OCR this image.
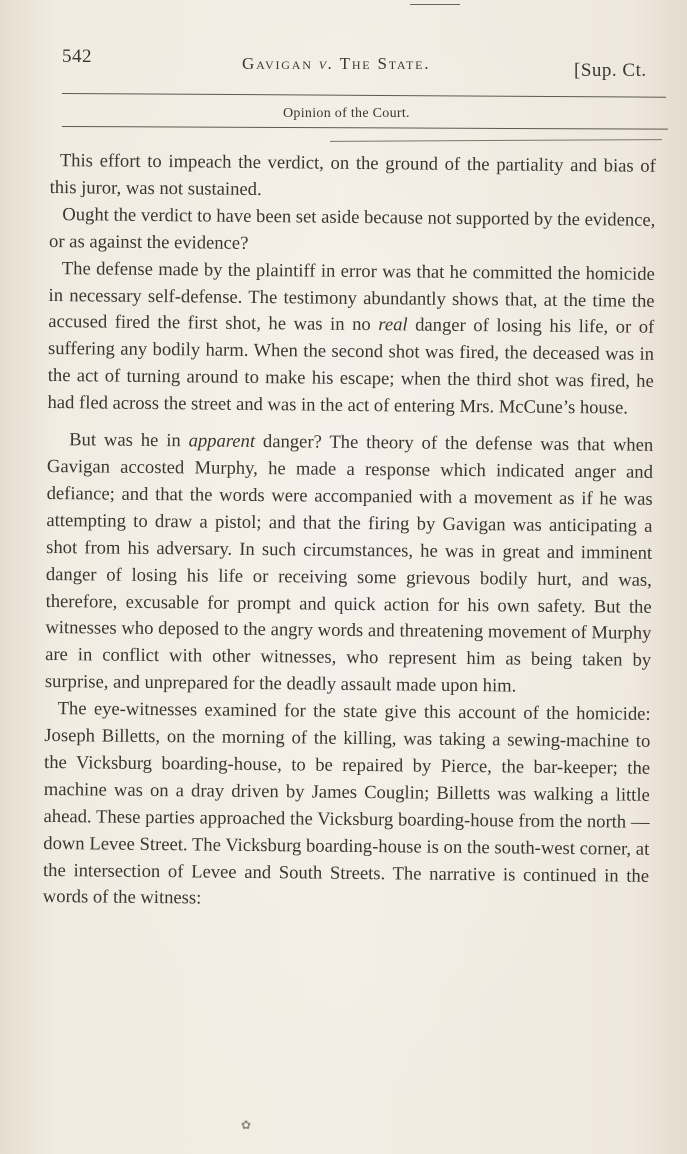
542	Gavigan v. The State.	[Sup. Ct.
Opinion of the Court.

This effort to impeach the verdict, on the ground of the partiality and bias of this juror, was not sustained.

Ought the verdict to have been set aside because not supported by the evidence, or as against the evidence?

The defense made by the plaintiff in error was that he committed the homicide in necessary self-defense. The testimony abundantly shows that, at the time the accused fired the first shot, he was in no real danger of losing his life, or of suffering any bodily harm. When the second shot was fired, the deceased was in the act of turning around to make his escape; when the third shot was fired, he had fled across the street and was in the act of entering Mrs. McCune’s house.

But was he in apparent danger? The theory of the defense was that when Gavigan accosted Murphy, he made a response which indicated anger and defiance; and that the words were accompanied with a movement as if he was attempting to draw a pistol; and that the firing by Gavigan was anticipating a shot from his adversary. In such circumstances, he was in great and imminent danger of losing his life or receiving some grievous bodily hurt, and was, therefore, excusable for prompt and quick action for his own safety. But the witnesses who deposed to the angry words and threatening movement of Murphy are in conflict with other witnesses, who represent him as being taken by surprise, and unprepared for the deadly assault made upon him.

The eye-witnesses examined for the state give this account of the homicide: Joseph Billetts, on the morning of the killing, was taking a sewing-machine to the Vicksburg boarding-house, to be repaired by Pierce, the bar-keeper; the machine was on a dray driven by James Couglin; Billetts was walking a little ahead. These parties approached the Vicksburg boarding-house from the north — down Levee Street. The Vicksburg boarding-house is on the south-west corner, at the intersection of Levee and South Streets. The narrative is continued in the words of the witness:

✿
